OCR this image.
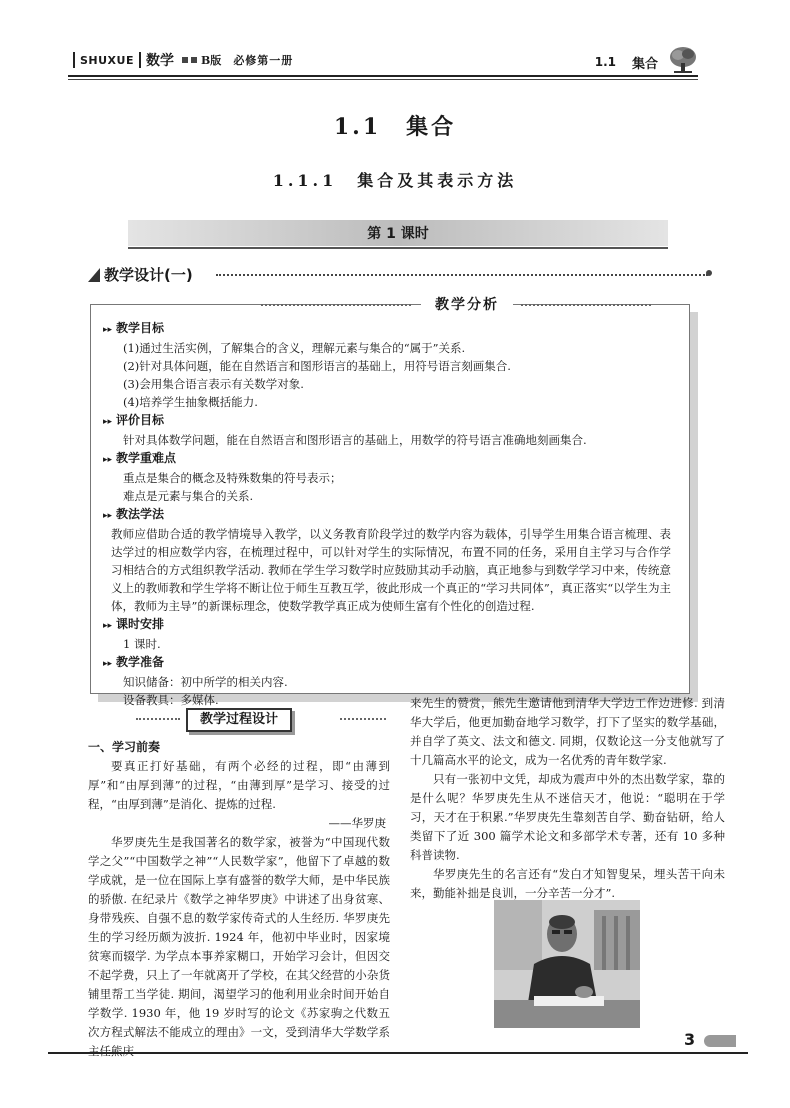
SHUXUE 数学 B版 必修第一册	1.1 集合
1.1　集合
1.1.1　集合及其表示方法
第 1 课时
教学设计(一)
教学分析
▸▸ 教学目标
(1)通过生活实例，了解集合的含义，理解元素与集合的“属于”关系.
(2)针对具体问题，能在自然语言和图形语言的基础上，用符号语言刻画集合.
(3)会用集合语言表示有关数学对象.
(4)培养学生抽象概括能力.
▸▸ 评价目标
针对具体数学问题，能在自然语言和图形语言的基础上，用数学的符号语言准确地刻画集合.
▸▸ 教学重难点
重点是集合的概念及特殊数集的符号表示；
难点是元素与集合的关系.
▸▸ 教法学法
教师应借助合适的教学情境导入教学，以义务教育阶段学过的数学内容为载体，引导学生用集合语言梳理、表达学过的相应数学内容，在梳理过程中，可以针对学生的实际情况，布置不同的任务，采用自主学习与合作学习相结合的方式组织教学活动. 教师在学生学习数学时应鼓励其动手动脑，真正地参与到数学学习中来，传统意义上的教师教和学生学将不断让位于师生互教互学，彼此形成一个真正的“学习共同体”，真正落实“以学生为主体，教师为主导”的新课标理念，使数学教学真正成为使师生富有个性化的创造过程.
▸▸ 课时安排
1 课时.
▸▸ 教学准备
知识储备：初中所学的相关内容.
设备教具：多媒体.
教学过程设计

一、学习前奏

要真正打好基础，有两个必经的过程，即“由薄到厚”和“由厚到薄”的过程，“由薄到厚”是学习、接受的过程，“由厚到薄”是消化、提炼的过程.

——华罗庚

华罗庚先生是我国著名的数学家，被誉为“中国现代数学之父”“中国数学之神”“人民数学家”，他留下了卓越的数学成就，是一位在国际上享有盛誉的数学大师，是中华民族的骄傲. 在纪录片《数学之神华罗庚》中讲述了出身贫寒、身带残疾、自强不息的数学家传奇式的人生经历. 华罗庚先生的学习经历颇为波折. 1924 年，他初中毕业时，因家境贫寒而辍学. 为学点本事养家糊口，开始学习会计，但因交不起学费，只上了一年就离开了学校，在其父经营的小杂货铺里帮工当学徒. 期间，渴望学习的他利用业余时间开始自学数学. 1930 年，他 19 岁时写的论文《苏家驹之代数五次方程式解法不能成立的理由》一文，受到清华大学数学系主任熊庆

来先生的赞赏，熊先生邀请他到清华大学边工作边进修. 到清华大学后，他更加勤奋地学习数学，打下了坚实的数学基础，并自学了英文、法文和德文. 同期，仅数论这一分支他就写了十几篇高水平的论文，成为一名优秀的青年数学家.

只有一张初中文凭，却成为震声中外的杰出数学家，靠的是什么呢？华罗庚先生从不迷信天才，他说：“聪明在于学习，天才在于积累.”华罗庚先生靠刻苦自学、勤奋钻研，给人类留下了近 300 篇学术论文和多部学术专著，还有 10 多种科普读物.

华罗庚先生的名言还有“发白才知智叟呆，埋头苦干向未来，勤能补拙是良训，一分辛苦一分才”.

3
